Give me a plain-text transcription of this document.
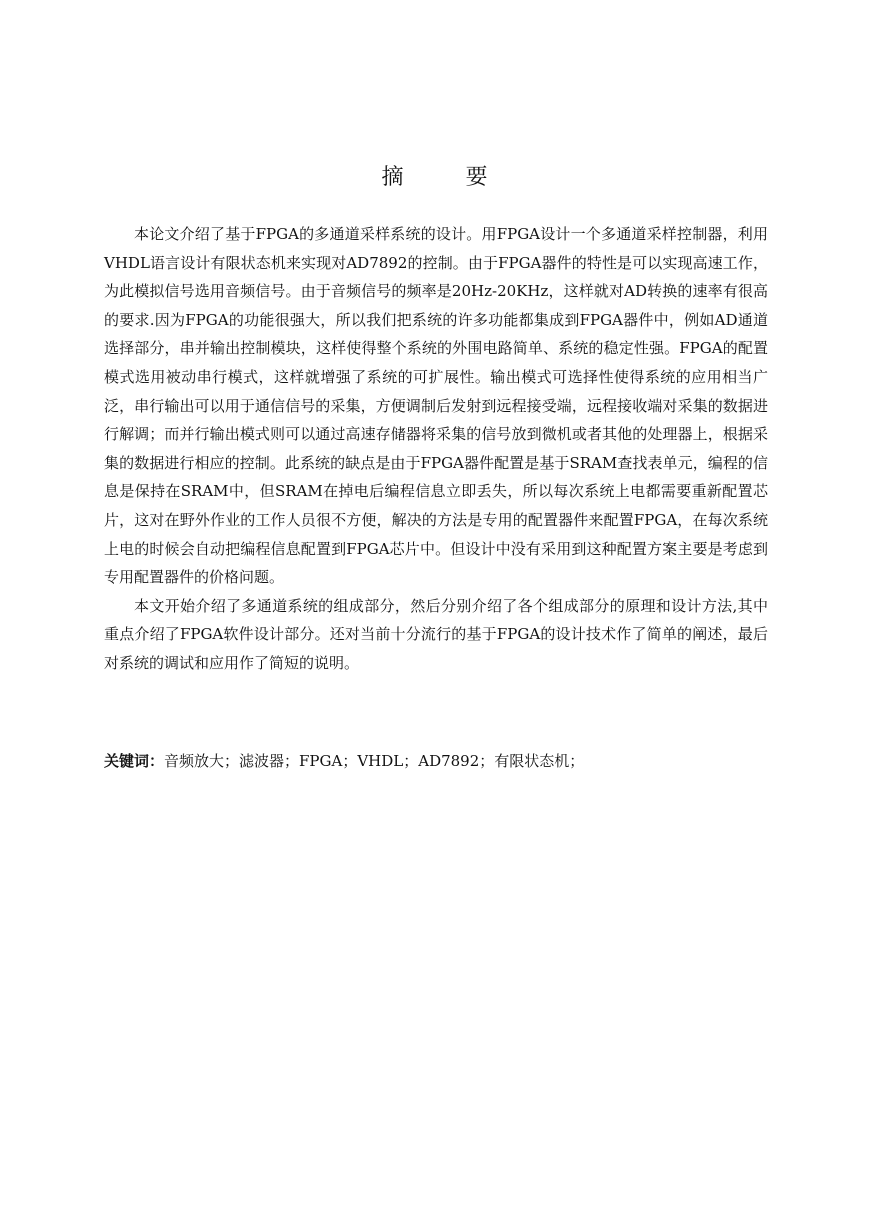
摘　要

本论文介绍了基于FPGA的多通道采样系统的设计。用FPGA设计一个多通道采样控制器，利用VHDL语言设计有限状态机来实现对AD7892的控制。由于FPGA器件的特性是可以实现高速工作，为此模拟信号选用音频信号。由于音频信号的频率是20Hz-20KHz，这样就对AD转换的速率有很高的要求.因为FPGA的功能很强大，所以我们把系统的许多功能都集成到FPGA器件中，例如AD通道选择部分，串并输出控制模块，这样使得整个系统的外围电路简单、系统的稳定性强。FPGA的配置模式选用被动串行模式，这样就增强了系统的可扩展性。输出模式可选择性使得系统的应用相当广泛，串行输出可以用于通信信号的采集，方便调制后发射到远程接受端，远程接收端对采集的数据进行解调；而并行输出模式则可以通过高速存储器将采集的信号放到微机或者其他的处理器上，根据采集的数据进行相应的控制。此系统的缺点是由于FPGA器件配置是基于SRAM查找表单元，编程的信息是保持在SRAM中，但SRAM在掉电后编程信息立即丢失，所以每次系统上电都需要重新配置芯片，这对在野外作业的工作人员很不方便，解决的方法是专用的配置器件来配置FPGA，在每次系统上电的时候会自动把编程信息配置到FPGA芯片中。但设计中没有采用到这种配置方案主要是考虑到专用配置器件的价格问题。

本文开始介绍了多通道系统的组成部分，然后分别介绍了各个组成部分的原理和设计方法,其中重点介绍了FPGA软件设计部分。还对当前十分流行的基于FPGA的设计技术作了简单的阐述，最后对系统的调试和应用作了简短的说明。

关键词：音频放大；滤波器；FPGA；VHDL；AD7892；有限状态机；
